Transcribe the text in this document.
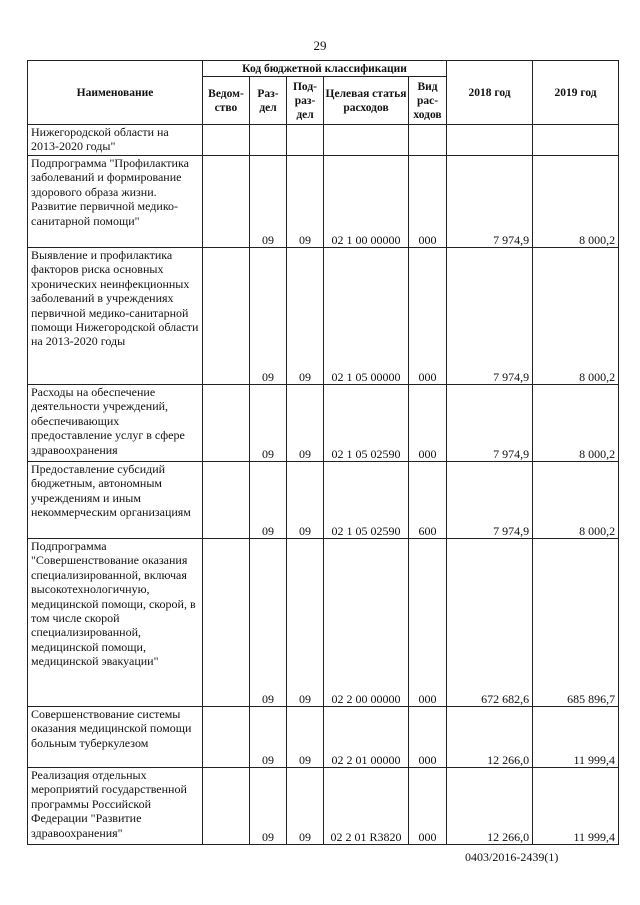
29
Наименование	Код бюджетной классификации					2018 год	2019 год
	Ведом-ство	Раз-дел	Под-раз-дел	Целевая статья расходов	Вид рас-ходов		
Нижегородской области на 2013-2020 годы"							
Подпрограмма "Профилактика заболеваний и формирование здорового образа жизни. Развитие первичной медико-санитарной помощи"		09	09	02 1 00 00000	000	7 974,9	8 000,2
Выявление и профилактика факторов риска основных хронических неинфекционных заболеваний в учреждениях первичной медико-санитарной помощи Нижегородской области на 2013-2020 годы		09	09	02 1 05 00000	000	7 974,9	8 000,2
Расходы на обеспечение деятельности учреждений, обеспечивающих предоставление услуг в сфере здравоохранения		09	09	02 1 05 02590	000	7 974,9	8 000,2
Предоставление субсидий бюджетным, автономным учреждениям и иным некоммерческим организациям		09	09	02 1 05 02590	600	7 974,9	8 000,2
Подпрограмма "Совершенствование оказания специализированной, включая высокотехнологичную, медицинской помощи, скорой, в том числе скорой специализированной, медицинской помощи, медицинской эвакуации"		09	09	02 2 00 00000	000	672 682,6	685 896,7
Совершенствование системы оказания медицинской помощи больным туберкулезом		09	09	02 2 01 00000	000	12 266,0	11 999,4
Реализация отдельных мероприятий государственной программы Российской Федерации "Развитие здравоохранения"		09	09	02 2 01 R3820	000	12 266,0	11 999,4
0403/2016-2439(1)
